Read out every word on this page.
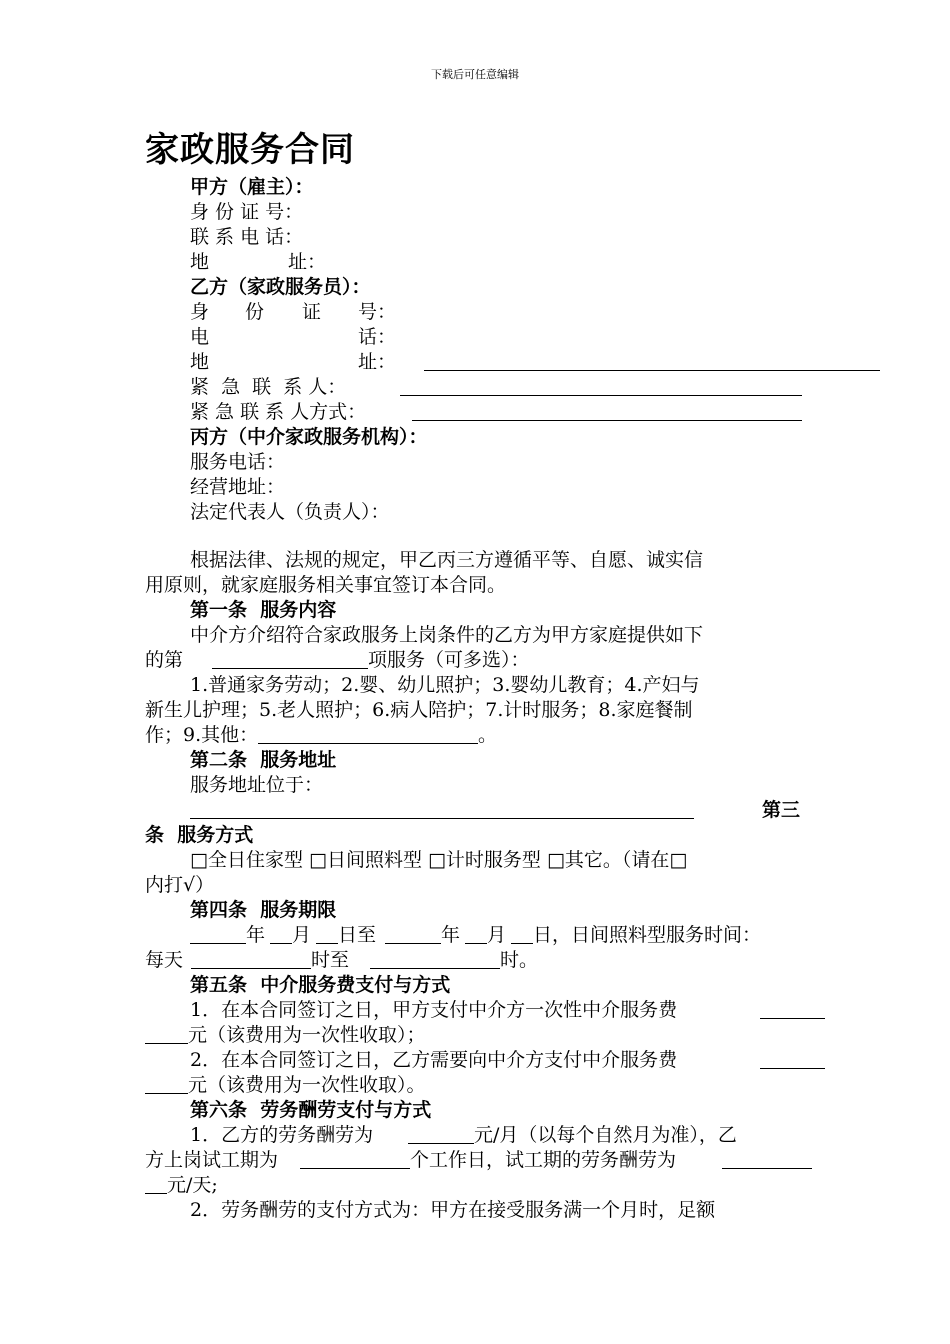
下载后可任意编辑
家政服务合同
甲方（雇主）：
身 份 证 号：
联 系 电 话：
地	址：
乙方（家政服务员）：
身 份 证 号：
电	话：
地	址：
紧  急  联  系 人：
紧 急 联 系 人方式：
丙方（中介家政服务机构）：
服务电话：
经营地址：
法定代表人（负责人）：
根据法律、法规的规定，甲乙丙三方遵循平等、自愿、诚实信
用原则，就家庭服务相关事宜签订本合同。
第一条  服务内容
中介方介绍符合家政服务上岗条件的乙方为甲方家庭提供如下
的第	项服务（可多选）：
1.普通家务劳动；2.婴、幼儿照护；3.婴幼儿教育；4.产妇与
新生儿护理；5.老人照护；6.病人陪护；7.计时服务；8.家庭餐制
作；9.其他：	。
第二条  服务地址
服务地址位于：
第三
条  服务方式
□全日住家型 □日间照料型 □计时服务型 □其它。（请在□
内打√）
第四条  服务期限
年 月 日至	年 月 日，日间照料型服务时间：
每天	时至	时。
第五条  中介服务费支付与方式
1．在本合同签订之日，甲方支付中介方一次性中介服务费
元（该费用为一次性收取）；
2．在本合同签订之日，乙方需要向中介方支付中介服务费
元（该费用为一次性收取）。
第六条  劳务酬劳支付与方式
1．乙方的劳务酬劳为	元/月（以每个自然月为准），乙
方上岗试工期为	个工作日，试工期的劳务酬劳为
元/天;
2．劳务酬劳的支付方式为：甲方在接受服务满一个月时，足额
